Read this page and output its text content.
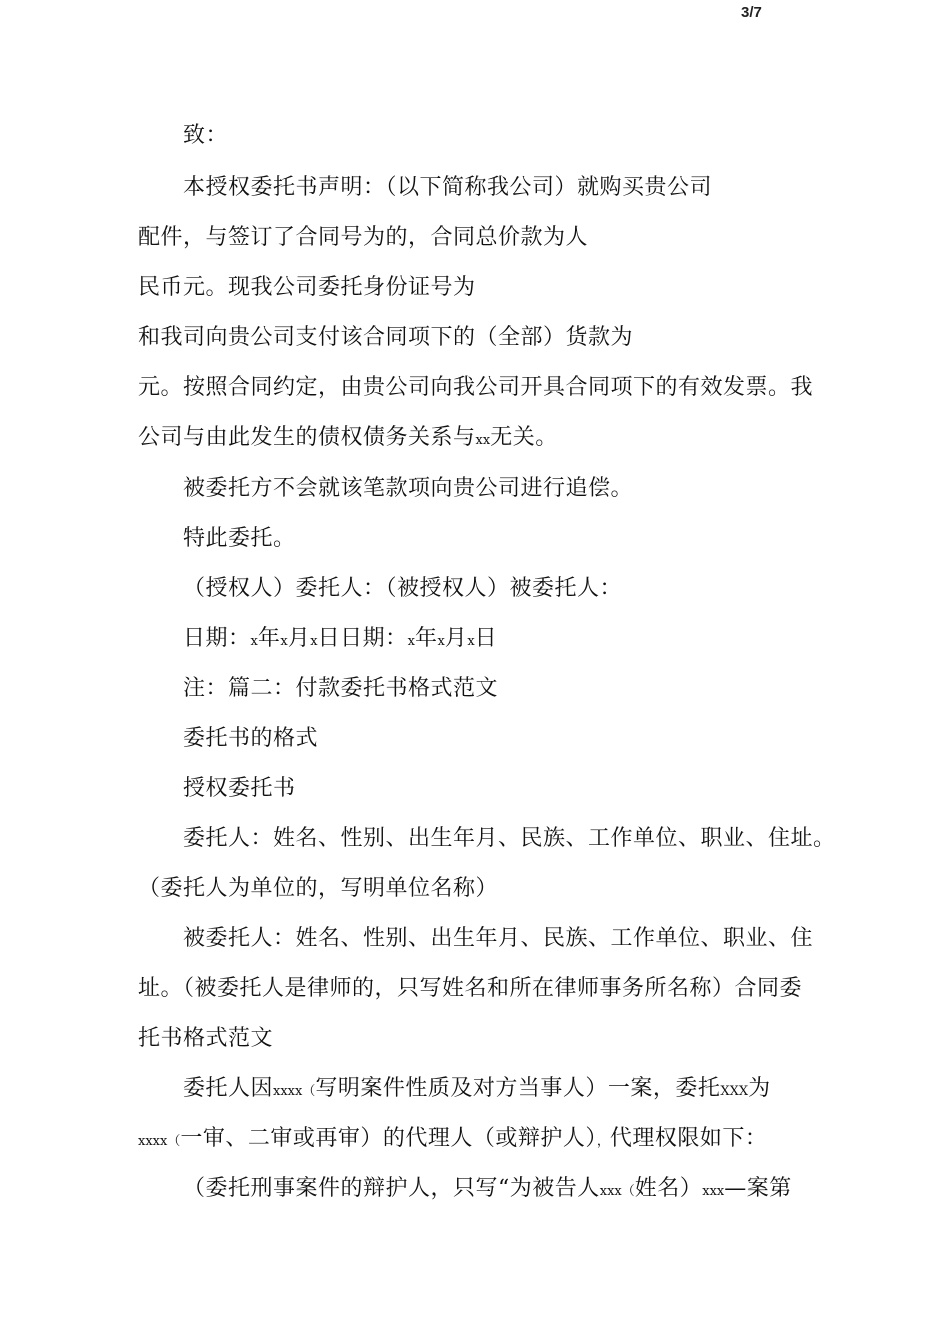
3/7
致：
本授权委托书声明：（以下简称我公司）就购买贵公司
配件，与签订了合同号为的，合同总价款为人
民币元。现我公司委托身份证号为
和我司向贵公司支付该合同项下的（全部）货款为
元。按照合同约定，由贵公司向我公司开具合同项下的有效发票。我
公司与由此发生的债权债务关系与xx无关。
被委托方不会就该笔款项向贵公司进行追偿。
特此委托。
（授权人）委托人：（被授权人）被委托人：
日期：x年x月x日日期：x年x月x日
注：篇二：付款委托书格式范文
委托书的格式
授权委托书
委托人：姓名、性别、出生年月、民族、工作单位、职业、住址。
（委托人为单位的，写明单位名称）
被委托人：姓名、性别、出生年月、民族、工作单位、职业、住
址。（被委托人是律师的，只写姓名和所在律师事务所名称）合同委
托书格式范文
委托人因xxxx（写明案件性质及对方当事人）一案，委托XXX为
xxxx（一审、二审或再审）的代理人（或辩护人），代理权限如下：
（委托刑事案件的辩护人，只写“为被告人xxx（姓名）xxx—案第
